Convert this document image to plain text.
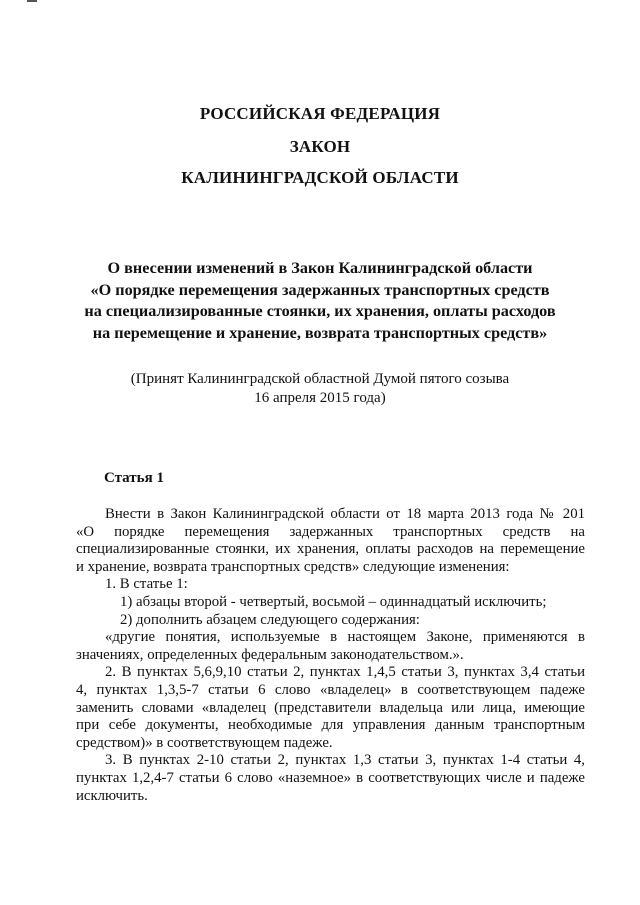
РОССИЙСКАЯ ФЕДЕРАЦИЯ
ЗАКОН
КАЛИНИНГРАДСКОЙ ОБЛАСТИ
О внесении изменений в Закон Калининградской области
«О порядке перемещения задержанных транспортных средств
на специализированные стоянки, их хранения, оплаты расходов
на перемещение и хранение, возврата транспортных средств»
(Принят Калининградской областной Думой пятого созыва
16 апреля 2015 года)
Статья 1
Внести в Закон Калининградской области от 18 марта 2013 года № 201
«О порядке перемещения задержанных транспортных средств на
специализированные стоянки, их хранения, оплаты расходов на перемещение
и хранение, возврата транспортных средств» следующие изменения:
1. В статье 1:
1) абзацы второй - четвертый, восьмой – одиннадцатый исключить;
2) дополнить абзацем следующего содержания:
«другие понятия, используемые в настоящем Законе, применяются в
значениях, определенных федеральным законодательством.».
2. В пунктах 5,6,9,10 статьи 2, пунктах 1,4,5 статьи 3, пунктах 3,4 статьи
4, пунктах 1,3,5-7 статьи 6 слово «владелец» в соответствующем падеже
заменить словами «владелец (представители владельца или лица, имеющие
при себе документы, необходимые для управления данным транспортным
средством)» в соответствующем падеже.
3. В пунктах 2-10 статьи 2, пунктах 1,3 статьи 3, пунктах 1-4 статьи 4,
пунктах 1,2,4-7 статьи 6 слово «наземное» в соответствующих числе и падеже
исключить.
